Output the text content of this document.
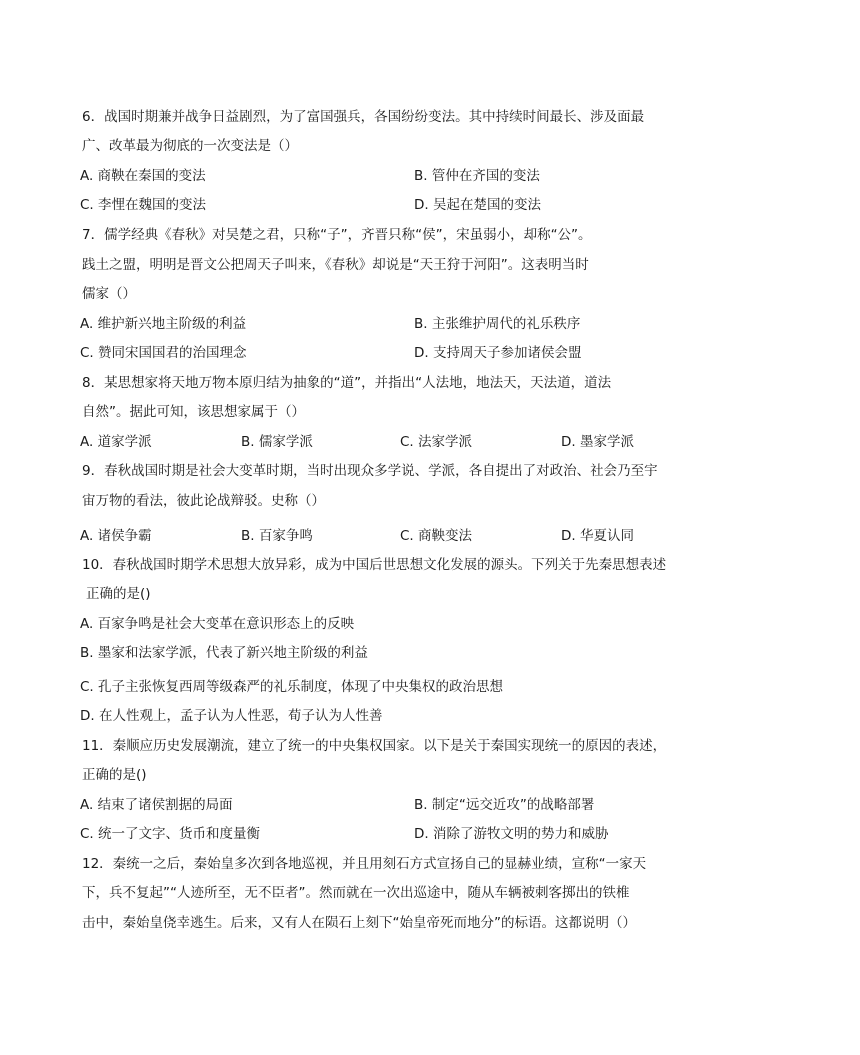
6．战国时期兼并战争日益剧烈，为了富国强兵，各国纷纷变法。其中持续时间最长、涉及面最
广、改革最为彻底的一次变法是（）
A. 商鞅在秦国的变法	B. 管仲在齐国的变法
C. 李悝在魏国的变法	D. 吴起在楚国的变法
7．儒学经典《春秋》对吴楚之君，只称“子”，齐晋只称“侯”，宋虽弱小，却称“公”。
践土之盟，明明是晋文公把周天子叫来，《春秋》却说是“天王狩于河阳”。这表明当时
儒家（）
A. 维护新兴地主阶级的利益	B. 主张维护周代的礼乐秩序
C. 赞同宋国国君的治国理念	D. 支持周天子参加诸侯会盟
8．某思想家将天地万物本原归结为抽象的“道”，并指出“人法地，地法天，天法道，道法
自然”。据此可知，该思想家属于（）
A. 道家学派	B. 儒家学派	C. 法家学派	D. 墨家学派
9．春秋战国时期是社会大变革时期，当时出现众多学说、学派，各自提出了对政治、社会乃至宇
宙万物的看法，彼此论战辩驳。史称（）
A. 诸侯争霸	B. 百家争鸣	C. 商鞅变法	D. 华夏认同
10．春秋战国时期学术思想大放异彩，成为中国后世思想文化发展的源头。下列关于先秦思想表述
正确的是()
A. 百家争鸣是社会大变革在意识形态上的反映
B. 墨家和法家学派，代表了新兴地主阶级的利益
C. 孔子主张恢复西周等级森严的礼乐制度，体现了中央集权的政治思想
D. 在人性观上，孟子认为人性恶，荀子认为人性善
11．秦顺应历史发展潮流，建立了统一的中央集权国家。以下是关于秦国实现统一的原因的表述，
正确的是()
A. 结束了诸侯割据的局面	B. 制定“远交近攻”的战略部署
C. 统一了文字、货币和度量衡	D. 消除了游牧文明的势力和威胁
12．秦统一之后，秦始皇多次到各地巡视，并且用刻石方式宣扬自己的显赫业绩，宣称“一家天
下，兵不复起”“人迹所至，无不臣者”。然而就在一次出巡途中，随从车辆被刺客掷出的铁椎
击中，秦始皇侥幸逃生。后来，又有人在陨石上刻下“始皇帝死而地分”的标语。这都说明（）
